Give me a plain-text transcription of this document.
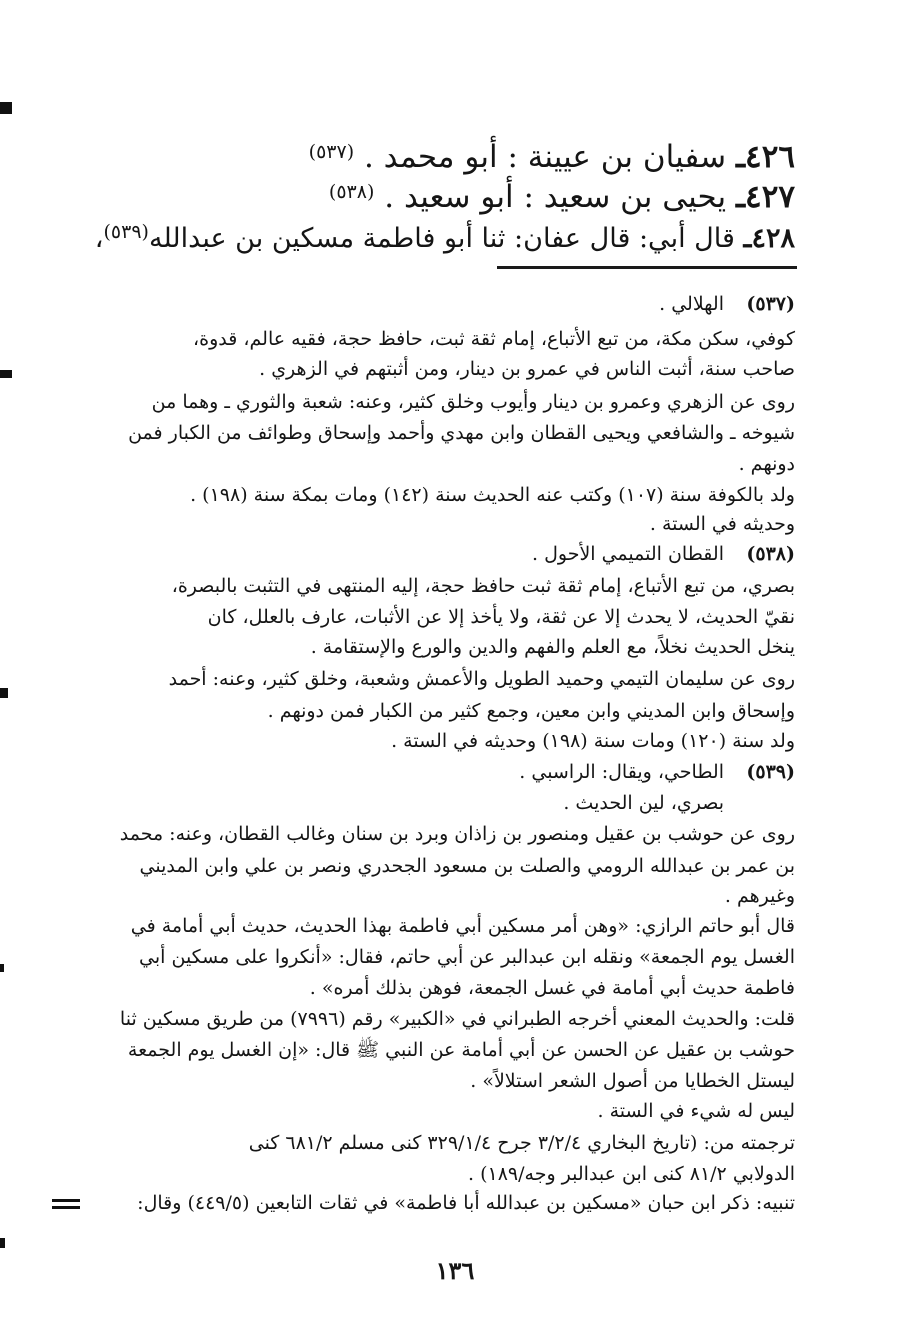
٤٢٦ـ سفيان بن عيينة : أبو محمد . $^{(٥٣٧)}$
٤٢٧ـ يحيى بن سعيد : أبو سعيد . $^{(٥٣٨)}$
٤٢٨ـ قال أبي: قال عفان: ثنا أبو فاطمة مسكين بن عبدالله$^{(٥٣٩)}$،
(٥٣٧)
الهلالي .
كوفي، سكن مكة، من تبع الأتباع، إمام ثقة ثبت، حافظ حجة، فقيه عالم، قدوة،
صاحب سنة، أثبت الناس في عمرو بن دينار، ومن أثبتهم في الزهري .
روى عن الزهري وعمرو بن دينار وأيوب وخلق كثير، وعنه: شعبة والثوري ـ وهما من
شيوخه ـ والشافعي ويحيى القطان وابن مهدي وأحمد وإسحاق وطوائف من الكبار فمن
دونهم .
ولد بالكوفة سنة (١٠٧) وكتب عنه الحديث سنة (١٤٢) ومات بمكة سنة (١٩٨) .
وحديثه في الستة .
(٥٣٨)
القطان التميمي الأحول .
بصري، من تبع الأتباع، إمام ثقة ثبت حافظ حجة، إليه المنتهى في التثبت بالبصرة،
نقيّ الحديث، لا يحدث إلا عن ثقة، ولا يأخذ إلا عن الأثبات، عارف بالعلل، كان
ينخل الحديث نخلاً، مع العلم والفهم والدين والورع والإستقامة .
روى عن سليمان التيمي وحميد الطويل والأعمش وشعبة، وخلق كثير، وعنه: أحمد
وإسحاق وابن المديني وابن معين، وجمع كثير من الكبار فمن دونهم .
ولد سنة (١٢٠) ومات سنة (١٩٨) وحديثه في الستة .
(٥٣٩)
الطاحي، ويقال: الراسبي .
بصري، لين الحديث .
روى عن حوشب بن عقيل ومنصور بن زاذان وبرد بن سنان وغالب القطان، وعنه: محمد
بن عمر بن عبدالله الرومي والصلت بن مسعود الجحدري ونصر بن علي وابن المديني
وغيرهم .
قال أبو حاتم الرازي: «وهن أمر مسكين أبي فاطمة بهذا الحديث، حديث أبي أمامة في
الغسل يوم الجمعة» ونقله ابن عبدالبر عن أبي حاتم، فقال: «أنكروا على مسكين أبي
فاطمة حديث أبي أمامة في غسل الجمعة، فوهن بذلك أمره» .
قلت: والحديث المعني أخرجه الطبراني في «الكبير» رقم (٧٩٩٦) من طريق مسكين ثنا
حوشب بن عقيل عن الحسن عن أبي أمامة عن النبي ﷺ قال: «إن الغسل يوم الجمعة
ليستل الخطايا من أصول الشعر استلالاً» .
ليس له شيء في الستة .
ترجمته من: (تاريخ البخاري ٣/٢/٤ جرح ٣٢٩/١/٤ كنى مسلم ٦٨١/٢ كنى
الدولابي ٨١/٢ كنى ابن عبدالبر وجه/١٨٩) .
تنبيه: ذكر ابن حبان «مسكين بن عبدالله أبا فاطمة» في ثقات التابعين (٤٤٩/٥) وقال:
١٣٦
